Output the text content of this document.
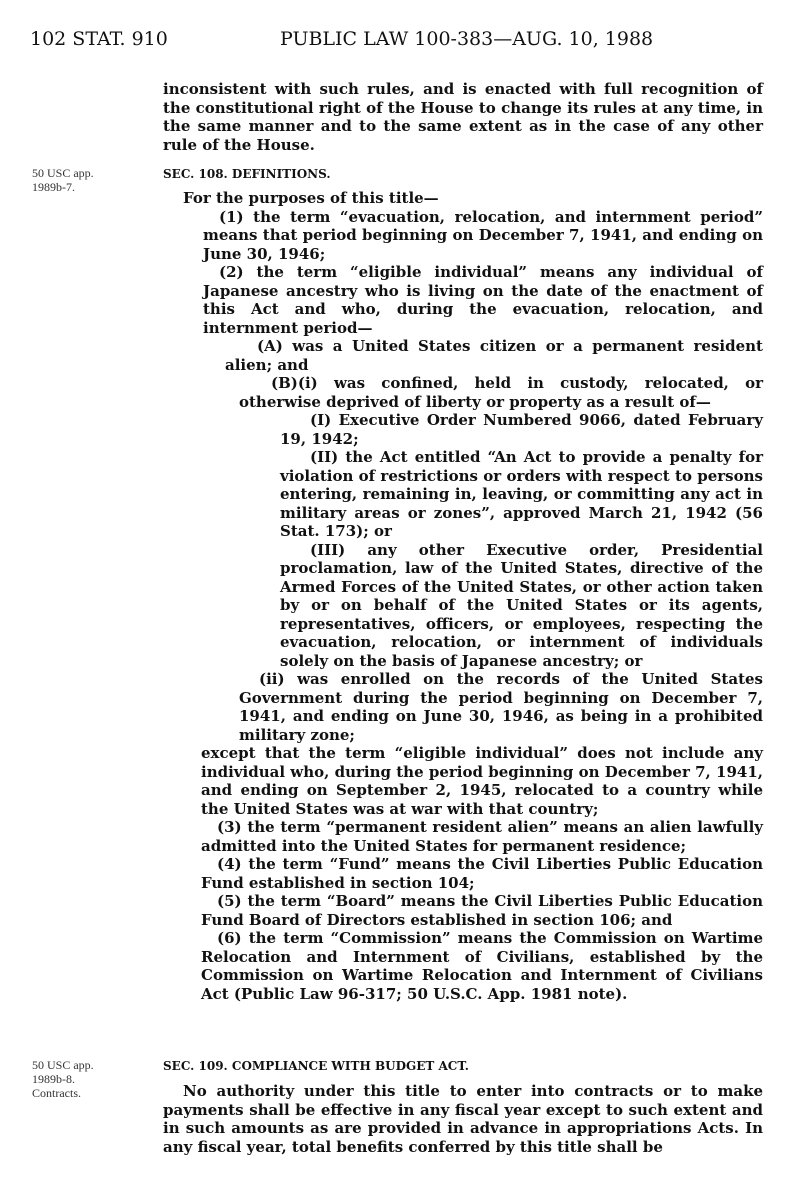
102 STAT. 910	PUBLIC LAW 100-383—AUG. 10, 1988

inconsistent with such rules, and is enacted with full recognition of the constitutional right of the House to change its rules at any time, in the same manner and to the same extent as in the case of any other rule of the House.

50 USC app.
1989b-7.
SEC. 108. DEFINITIONS.

For the purposes of this title—

(1) the term “evacuation, relocation, and internment period” means that period beginning on December 7, 1941, and ending on June 30, 1946;

(2) the term “eligible individual” means any individual of Japanese ancestry who is living on the date of the enactment of this Act and who, during the evacuation, relocation, and internment period—

(A) was a United States citizen or a permanent resident alien; and

(B)(i) was confined, held in custody, relocated, or otherwise deprived of liberty or property as a result of—

(I) Executive Order Numbered 9066, dated February 19, 1942;

(II) the Act entitled “An Act to provide a penalty for violation of restrictions or orders with respect to persons entering, remaining in, leaving, or committing any act in military areas or zones”, approved March 21, 1942 (56 Stat. 173); or

(III) any other Executive order, Presidential proclamation, law of the United States, directive of the Armed Forces of the United States, or other action taken by or on behalf of the United States or its agents, representatives, officers, or employees, respecting the evacuation, relocation, or internment of individuals solely on the basis of Japanese ancestry; or

(ii) was enrolled on the records of the United States Government during the period beginning on December 7, 1941, and ending on June 30, 1946, as being in a prohibited military zone;

except that the term “eligible individual” does not include any individual who, during the period beginning on December 7, 1941, and ending on September 2, 1945, relocated to a country while the United States was at war with that country;

(3) the term “permanent resident alien” means an alien lawfully admitted into the United States for permanent residence;

(4) the term “Fund” means the Civil Liberties Public Education Fund established in section 104;

(5) the term “Board” means the Civil Liberties Public Education Fund Board of Directors established in section 106; and

(6) the term “Commission” means the Commission on Wartime Relocation and Internment of Civilians, established by the Commission on Wartime Relocation and Internment of Civilians Act (Public Law 96-317; 50 U.S.C. App. 1981 note).

50 USC app.
1989b-8.
Contracts.
SEC. 109. COMPLIANCE WITH BUDGET ACT.

No authority under this title to enter into contracts or to make payments shall be effective in any fiscal year except to such extent and in such amounts as are provided in advance in appropriations Acts. In any fiscal year, total benefits conferred by this title shall be
